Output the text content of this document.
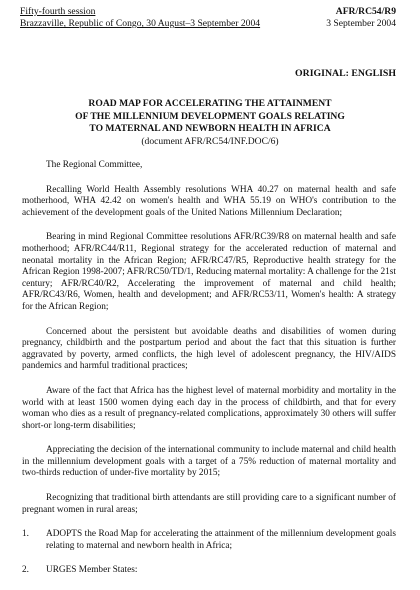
Fifty-fourth session
Brazzaville, Republic of Congo, 30 August–3 September 2004
AFR/RC54/R9
3 September 2004
ORIGINAL: ENGLISH
ROAD MAP FOR ACCELERATING THE ATTAINMENT
OF THE MILLENNIUM DEVELOPMENT GOALS RELATING
TO MATERNAL AND NEWBORN HEALTH IN AFRICA
(document AFR/RC54/INF.DOC/6)

The Regional Committee,

Recalling World Health Assembly resolutions WHA 40.27 on maternal health and safe motherhood, WHA 42.42 on women's health and WHA 55.19 on WHO's contribution to the achievement of the development goals of the United Nations Millennium Declaration;

Bearing in mind Regional Committee resolutions AFR/RC39/R8 on maternal health and safe motherhood; AFR/RC44/R11, Regional strategy for the accelerated reduction of maternal and neonatal mortality in the African Region; AFR/RC47/R5, Reproductive health strategy for the African Region 1998-2007; AFR/RC50/TD/1, Reducing maternal mortality: A challenge for the 21st century; AFR/RC40/R2, Accelerating the improvement of maternal and child health; AFR/RC43/R6, Women, health and development; and AFR/RC53/11, Women's health: A strategy for the African Region;

Concerned about the persistent but avoidable deaths and disabilities of women during pregnancy, childbirth and the postpartum period and about the fact that this situation is further aggravated by poverty, armed conflicts, the high level of adolescent pregnancy, the HIV/AIDS pandemics and harmful traditional practices;

Aware of the fact that Africa has the highest level of maternal morbidity and mortality in the world with at least 1500 women dying each day in the process of childbirth, and that for every woman who dies as a result of pregnancy-related complications, approximately 30 others will suffer short-or long-term disabilities;

Appreciating the decision of the international community to include maternal and child health in the millennium development goals with a target of a 75% reduction of maternal mortality and two-thirds reduction of under-five mortality by 2015;

Recognizing that traditional birth attendants are still providing care to a significant number of pregnant women in rural areas;

1.	ADOPTS the Road Map for accelerating the attainment of the millennium development goals relating to maternal and newborn health in Africa;
2.	URGES Member States:
